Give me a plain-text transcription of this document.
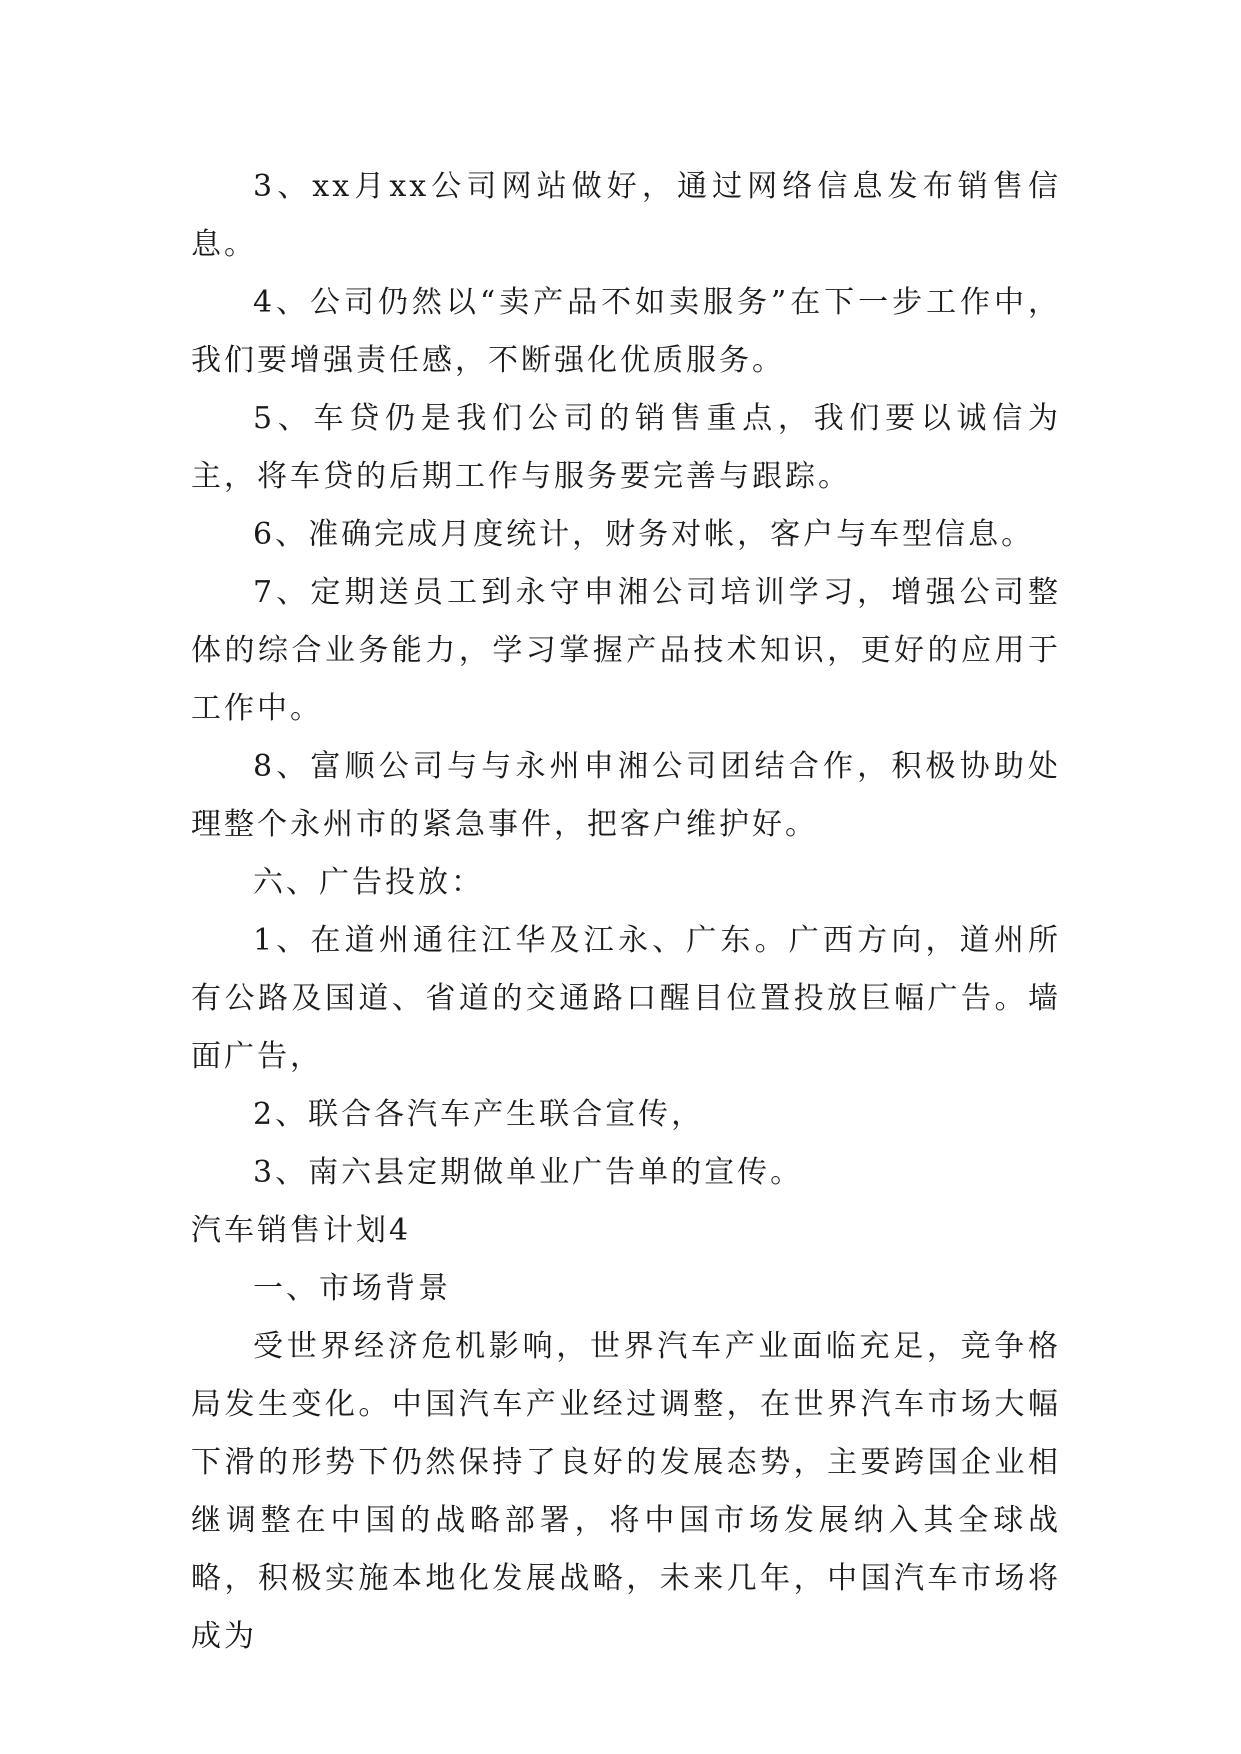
3、xx月xx公司网站做好，通过网络信息发布销售信息。

4、公司仍然以“卖产品不如卖服务”在下一步工作中，我们要增强责任感，不断强化优质服务。

5、车贷仍是我们公司的销售重点，我们要以诚信为主，将车贷的后期工作与服务要完善与跟踪。

6、准确完成月度统计，财务对帐，客户与车型信息。

7、定期送员工到永守申湘公司培训学习，增强公司整体的综合业务能力，学习掌握产品技术知识，更好的应用于工作中。

8、富顺公司与与永州申湘公司团结合作，积极协助处理整个永州市的紧急事件，把客户维护好。

六、广告投放：

1、在道州通往江华及江永、广东。广西方向，道州所有公路及国道、省道的交通路口醒目位置投放巨幅广告。墙面广告，

2、联合各汽车产生联合宣传，

3、南六县定期做单业广告单的宣传。

汽车销售计划4

一、市场背景

受世界经济危机影响，世界汽车产业面临充足，竞争格局发生变化。中国汽车产业经过调整，在世界汽车市场大幅下滑的形势下仍然保持了良好的发展态势，主要跨国企业相继调整在中国的战略部署，将中国市场发展纳入其全球战略，积极实施本地化发展战略，未来几年，中国汽车市场将成为
